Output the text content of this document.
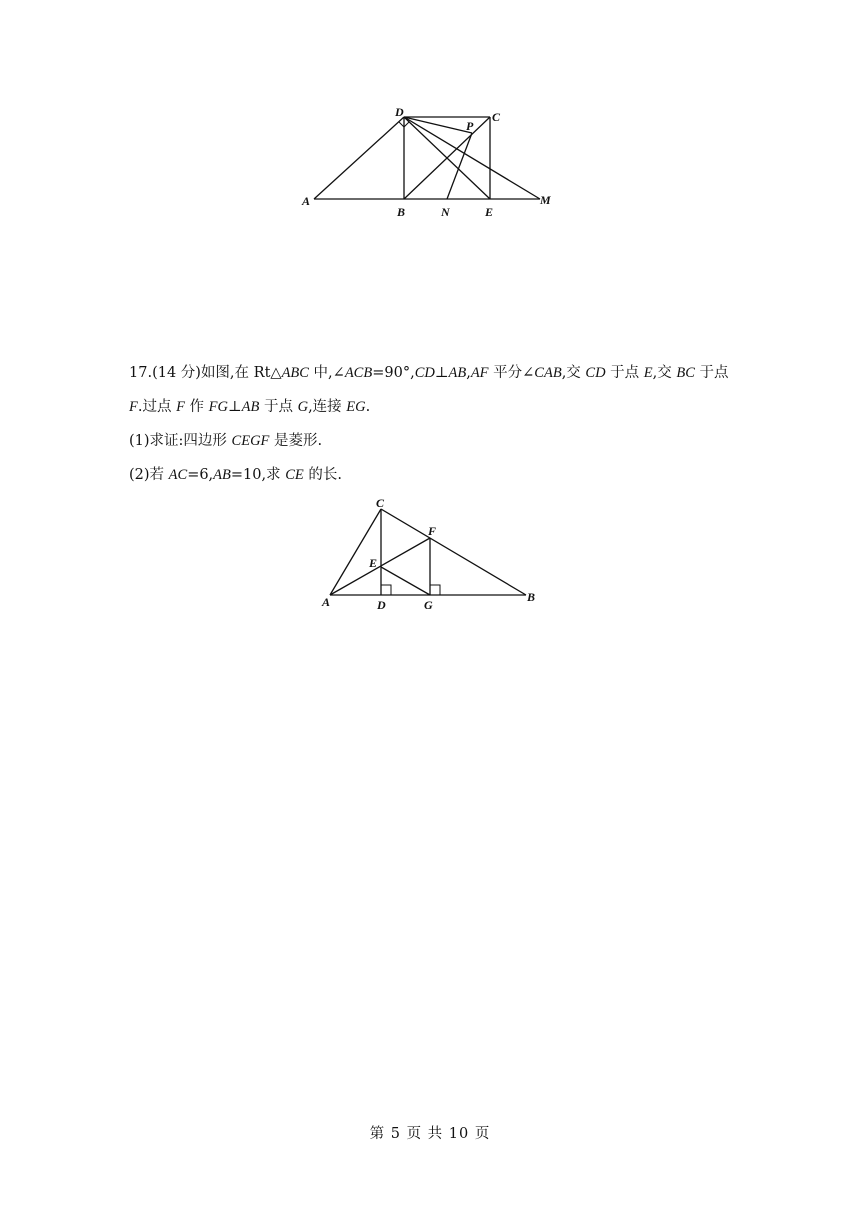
A
B
C
D
E
M
N
P

17.(14 分)如图,在 Rt△ABC 中,∠ACB=90°,CD⊥AB,AF 平分∠CAB,交 CD 于点 E,交 BC 于点
F.过点 F 作 FG⊥AB 于点 G,连接 EG.

(1)求证:四边形 CEGF 是菱形.

(2)若 AC=6,AB=10,求 CE 的长.

A	B
C
D
E
F
G
第 5 页 共 10 页
